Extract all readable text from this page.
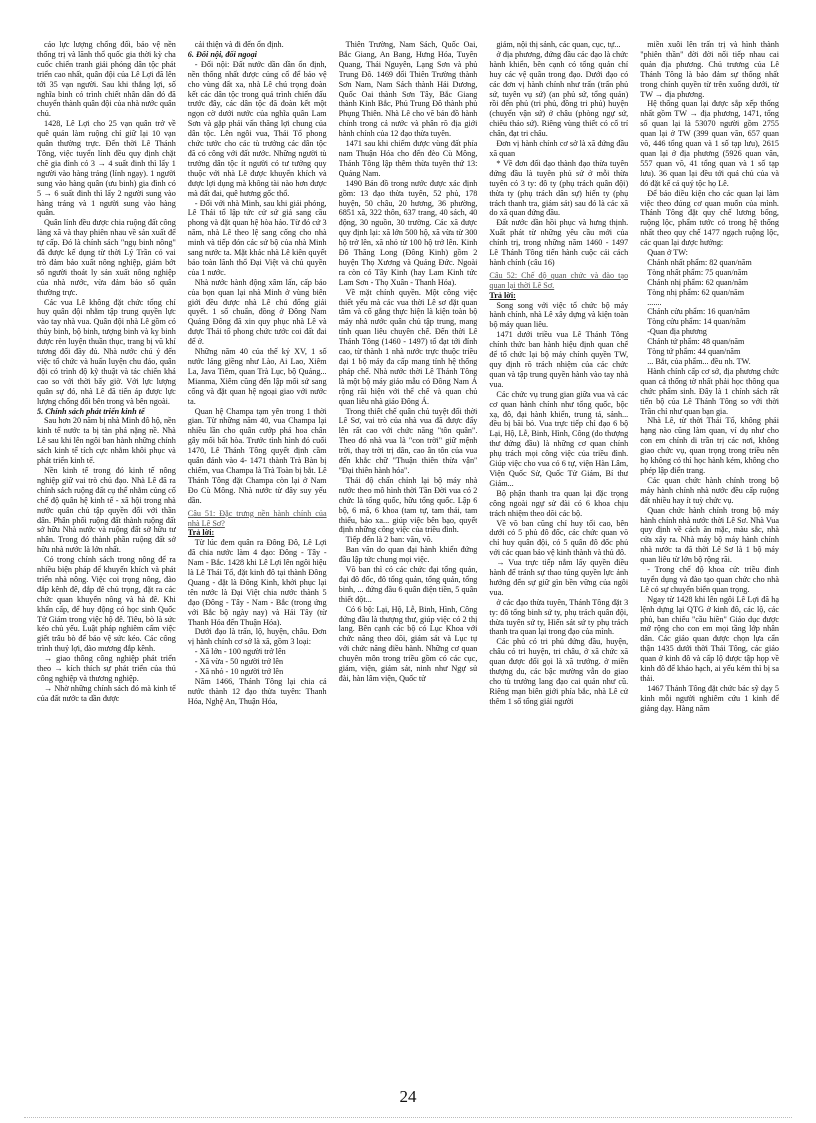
cáo lực lượng chống đối, bảo vệ nền thống trị và lãnh thổ quốc gia thời kỳ cha cuốc chiến tranh giải phóng dân tộc phát triển cao nhất, quân đội của Lê Lợi đã lên tới 35 vạn người. Sau khi thắng lợi, số nghĩa binh có trình chiết nhân dân đó đã chuyển thành quân đội của nhà nước quân chủ.

1428, Lê Lợi cho 25 vạn quân trở về quê quán làm ruộng chỉ giữ lại 10 vạn quân thường trực. Đến thời Lê Thánh Tông, việc tuyển lính đều quy định chặt chẽ gia đình có 3 → 4 suất đinh thì lấy 1 người vào hàng tráng (lính ngạy). 1 người sung vào hàng quân (ưu binh) gia đình có 5 → 6 suất đinh thì lấy 2 người sung vào hàng tráng và 1 người sung vào hàng quân.

Quân lính đều được chia ruộng đất công làng xã và thay phiên nhau về sản xuất để tự cấp. Đó là chính sách "ngụ binh nông" đã được kế dụng từ thời Lý Trần có vai trò đảm bảo xuất nông nghiệp, giảm bớt số người thoát ly sản xuất nông nghiệp của nhà nước, vừa đảm bảo số quân thường trực.

Các vua Lê không đặt chức tổng chỉ huy quân đội nhằm tập trung quyền lực vào tay nhà vua. Quân đội nhà Lê gồm có thủy binh, bộ binh, tượng binh và kỵ binh được rèn luyện thuần thục, trang bị vũ khí tương đối đầy đủ. Nhà nước chú ý đến việc tổ chức và huấn luyện chu đáo, quân đội có trình độ kỹ thuật và tác chiến khá cao so với thời bấy giờ. Với lực lượng quân sự đó, nhà Lê đã tiến áp được lực lượng chống đối bên trong và bên ngoài.

5. Chính sách phát triển kinh tế

Sau hơn 20 năm bị nhà Minh đô hộ, nền kinh tế nước ta bị tàn phá nặng nề. Nhà Lê sau khi lên ngôi ban hành những chính sách kinh tế tích cực nhằm khôi phục và phát triển kinh tế.

Nền kinh tế trong đó kinh tế nông nghiệp giữ vai trò chủ đạo. Nhà Lê đã ra chính sách ruộng đất cụ thể nhằm củng cố chế độ quân hệ kinh tế - xã hội trong nhà nước quân chủ tập quyền đối với thần dân. Phân phối ruộng đất thành ruộng đất sở hữu Nhà nước và ruộng đất sở hữu tư nhân. Trong đó thành phần ruộng đất sở hữu nhà nước là lớn nhất.

Có trong chính sách trong nông để ra nhiều biện pháp để khuyến khích và phát triển nhà nông. Việc coi trọng nông, đào đắp kênh đê, đắp đê chủ trọng, đặt ra các chức quan khuyến nông và hà đê. Khi khẩn cấp, để huy động có học sinh Quốc Tử Giám trong việc hộ đê. Tiêu, bò là sức kéo chủ yếu. Luật pháp nghiêm cấm việc giết trâu bò để bảo vệ sức kéo. Các công trình thuỷ lợi, đào mương đắp kênh.

→ giao thông công nghiệp phát triển theo → kích thích sự phát triển của thủ công nghiệp và thương nghiệp.

→ Nhờ những chính sách đó mà kinh tế của đất nước ta dần được

cải thiện và đi đến ổn định.

6. Đối nội, đối ngoại

- Đối nội: Đất nước dần dần ổn định, nền thống nhất được củng cố để bảo vệ cho vùng đất xa, nhà Lê chú trọng đoàn kết các dân tộc trong quá trình chiến đấu trước đây, các dân tộc đã đoàn kết một ngọn cờ dưới nước của nghĩa quân Lam Sơn và gặp phải vấn thăng lợi chung của dân tộc. Lên ngôi vua, Thái Tổ phong chức tước cho các tù trưởng các dân tộc đã có công với đất nước. Những người tù trưởng dân tộc ít người có tư tưởng quy thuộc với nhà Lê được khuyến khích và được lợi dụng mà không tài nào hơn được mà đất đai, quê hương gốc thổ.

- Đối với nhà Minh, sau khi giải phóng, Lê Thái tổ lập tức cử sứ giả sang cầu phong và đặt quan hệ hòa hảo. Từ đó cứ 3 năm, nhà Lê theo lệ sang cống cho nhà minh và tiếp đón các sứ bộ của nhà Minh sang nước ta. Mặt khác nhà Lê kiên quyết bảo toàn lãnh thổ Đại Việt và chủ quyền của 1 nước.

Nhà nước hành động xâm lấn, cấp bảo của bọn quan lại nhà Minh ở vùng biên giới đều được nhà Lê chú đổng giải quyết. 1 số chuẩn, đồng ở Đông Nam Quảng Đông đã xin quy phục nhà Lê và được Thái tổ phong chức tước coi đất đai để ở.

Những năm 40 của thế kỷ XV, 1 số nước láng giềng như Lào, Ai Lao, Xiêm La, Java Tiêm, quan Trà Lục, bộ Quảng... Mianma, Xiêm cũng đến lập mối sứ sang cống và đặt quan hệ ngoại giao với nước ta.

Quan hệ Champa tạm yên trong 1 thời gian. Từ những năm 40, vua Champa lại nhiều lần cho quân cướp phá hoa chân gây mối bất hòa. Trước tình hình đó cuối 1470, Lê Thánh Tông quyết định cầm quân đánh vào 4- 1471 thành Trà Bàn bị chiếm, vua Champa là Trà Toàn bị bắt. Lê Thánh Tông đặt Champa còn lại ở Nam Đo Cù Mông. Nhà nước từ đây suy yếu dần.

Câu 51: Đặc trưng nền hành chính của nhà Lê Sơ?

Trả lời:

Từ lúc đem quân ra Đông Đô, Lê Lợi đã chia nước làm 4 đạo: Đông - Tây - Nam - Bắc. 1428 khi Lê Lợi lên ngôi hiệu là Lê Thái Tổ, đặt kinh đô tại thành Đông Quang - đặt là Đông Kinh, khởi phục lại tên nước là Đại Việt chia nước thành 5 đạo (Đông - Tây - Nam - Bắc (trong ứng với Bắc bộ ngày nay) và Hải Tây (từ Thanh Hóa đến Thuận Hóa).

Dưới đạo là trấn, lộ, huyện, châu. Đơn vị hành chính cơ sở là xã, gồm 3 loại:

- Xã lớn - 100 người trở lên

- Xã vừa - 50 người trở lên

- Xã nhỏ - 10 người trở lên

Năm 1466, Thánh Tông lại chia cả nước thành 12 đạo thừa tuyên: Thanh Hóa, Nghệ An, Thuận Hóa,

Thiên Trường, Nam Sách, Quốc Oai, Bắc Giang, An Bang, Hưng Hóa, Tuyên Quang, Thái Nguyên, Lạng Sơn và phủ Trung Đô. 1469 đổi Thiên Trường thành Sơn Nam, Nam Sách thành Hải Dương, Quốc Oai thành Sơn Tây, Bắc Giang thành Kinh Bắc, Phủ Trung Đô thành phủ Phụng Thiên. Nhà Lê cho vẽ bản đồ hành chính trong cả nước và phân rõ địa giới hành chính của 12 đạo thừa tuyên.

1471 sau khi chiếm được vùng đất phía nam Thuận Hóa cho đến đèo Cù Mông, Thánh Tông lập thêm thừa tuyên thứ 13: Quảng Nam.

1490 Bản đồ trong nước được xác định gồm: 13 đạo thừa tuyên, 52 phủ, 178 huyện, 50 châu, 20 hương, 36 phường, 6851 xã, 322 thôn, 637 trang, 40 sách, 40 động, 30 nguồn, 30 trường. Các xã được quy định lại: xã lớn 500 hộ, xã vừa từ 300 hộ trở lên, xã nhỏ từ 100 hộ trở lên. Kinh Đô Thăng Long (Đông Kinh) gồm 2 huyện Thọ Xương và Quảng Đức. Ngoài ra còn có Tây Kinh (hay Lam Kinh tức Lam Sơn - Thọ Xuân - Thanh Hóa).

Về mặt chính quyền. Một công việc thiết yếu mà các vua thời Lê sơ đặt quan tâm và cố gắng thực hiện là kiện toàn bộ máy nhà nước quân chủ tập trung, mang tính quan liêu chuyên chế. Đến thời Lê Thánh Tông (1460 - 1497) tổ đạt tới đỉnh cao, từ thành 1 nhà nước trực thuộc triều đại 1 bộ máy đa cấp mang tính hệ thống pháp chế. Nhà nước thời Lê Thánh Tông là một bộ máy giáo mẫu có Đông Nam Á rộng rãi hiện với thể chế và quan chủ quan liêu nhà giáo Đông Á.

Trong thiết chế quân chủ tuyệt đối thời Lê Sơ, vai trò của nhà vua đã được đẩy lên rất cao với chức năng "tôn quân". Theo đó nhà vua là "con trời" giữ mệnh trời, thay trời trị dân, cao ân tôn của vua đến khắc chữ "Thuận thiên thừa vận" "Đại thiên hành hóa".

Thái độ chấn chỉnh lại bộ máy nhà nước theo mô hình thời Tần Đời vua có 2 chức là tổng quốc, hữu tổng quốc. Lập 6 bộ, 6 mã, 6 khoa (tam tự, tam thái, tam thiếu, bảo xa... giúp việc bên bạo, quyết định những công việc của triều đình.

Tiếp đến là 2 ban: văn, võ.

Ban văn do quan đại hành khiển đứng đầu lập tức chung mọi việc.

Võ ban thì có các chức đại tổng quản, đại đô đốc, đô tổng quản, tổng quản, tổng binh, ... đứng đầu 6 quân điện tiền, 5 quân thiết đột...

Có 6 bộ: Lại, Hộ, Lễ, Binh, Hình, Công đứng đầu là thượng thư, giúp việc có 2 thị lang. Bên cạnh các bộ có Lục Khoa với chức năng theo dõi, giám sát và Lục tự với chức năng điều hành. Những cơ quan chuyên môn trong triều gồm có các cục, giám, viện, giám sát, ninh như Ngự sử đài, hàn lâm viện, Quốc tử

giám, nội thị sảnh, các quan, cục, tự...

ở địa phương, đứng đầu các đạo là chức hành khiển, bên cạnh có tổng quản chỉ huy các vệ quân trong đạo. Dưới đạo có các đơn vị hành chính như trấn (trấn phủ sứ, tuyên vụ sứ) (an phủ sứ, tổng quản) rồi đến phủ (tri phủ, đồng tri phủ) huyện (chuyển vận sứ) ở châu (phòng ngự sứ, chiêu thảo sứ). Riêng vùng thiết có cố trí chân, đạt tri châu.

Đơn vị hành chính cơ sở là xã đứng đầu xã quan

* Về đơn đối đạo thành đạo thừa tuyên đứng đầu là tuyên phủ sứ ở mỗi thừa tuyên có 3 ty: đô ty (phụ trách quân đội) thừa ty (phụ trách dân sự) hiến ty (phụ trách thanh tra, giám sát) sau đó là các xã do xã quan đứng đầu.

Đất nước dần hồi phục và hưng thịnh. Xuất phát từ những yêu cầu mới của chính trị, trong những năm 1460 - 1497 Lê Thánh Tông tiến hành cuộc cải cách hành chính (câu 16)

Câu 52: Chế độ quan chức và đào tạo quan lại thời Lê Sơ.

Trả lời:

Song song với việc tổ chức bộ máy hành chính, nhà Lê xây dựng và kiện toàn bộ máy quan liêu.

1471 dưới triều vua Lê Thánh Tông chính thức ban hành hiệu định quan chế để tổ chức lại bộ máy chính quyền TW, quy định rõ trách nhiệm của các chức quan và tập trung quyền hành vào tay nhà vua.

Các chức vụ trung gian giữa vua và các cơ quan hành chính như tổng quốc, bộc xạ, đô, đại hành khiển, trung tá, sảnh... đều bị bãi bỏ. Vua trực tiếp chỉ đạo 6 bộ Lại, Hộ, Lễ, Binh, Hình, Công (do thượng thư đứng đầu) là những cơ quan chính phụ trách mọi công việc của triều đình. Giúp việc cho vua có 6 tự, viện Hàn Lâm, Viện Quốc Sử, Quốc Tử Giám, Bí thư Giám...

Bộ phận thanh tra quan lại đặc trọng công ngoài ngự sử đài có 6 khoa chịu trách nhiệm theo dõi các bộ.

Về võ ban cũng chỉ huy tối cao, bên dưới có 5 phủ đô đốc, các chức quan võ chỉ huy quân đội, có 5 quân đô đốc phủ với các quan bảo vệ kinh thành và thủ đô.

→ Vua trực tiếp nắm lấy quyền điều hành để tránh sự thao túng quyền lực ảnh hưởng đến sự giữ gìn bền vững của ngôi vua.

ở các đạo thừa tuyên, Thánh Tông đặt 3 ty: đô tổng binh sứ ty, phụ trách quân đội, thừa tuyên sứ ty, Hiến sát sứ ty phụ trách thanh tra quan lại trong đạo của mình.

Các phủ có tri phủ đứng đầu, huyện, châu có tri huyện, tri châu, ở xã chức xã quan được đổi gọi là xã trưởng. ở miền thượng du, các bậc mường vẫn do giao cho tù trưởng lang đạo cai quản như cũ. Riêng mạn biên giới phía bắc, nhà Lê cử thêm 1 số tổng giải người

miền xuôi lên trấn trị và hình thành "phiên thần" đời đời nối tiếp nhau cai quản địa phương. Chủ trương của Lê Thánh Tông là bảo đảm sự thống nhất trong chính quyền từ trên xuống dưới, từ TW → địa phương.

Hệ thống quan lại được sắp xếp thống nhất gồm TW → địa phương, 1471, tổng số quan lại là 53070 người gồm 2755 quan lại ở TW (399 quan văn, 657 quan võ, 446 tổng quan và 1 số tạp lưu), 2615 quan lại ở địa phương (5926 quan văn, 557 quan võ, 41 tổng quan và 1 số tạp lưu). 36 quan lại đều tới quá chủ của và đó đặt kế cả quý tộc họ Lê.

Để bảo điều kiện cho các quan lại làm việc theo đúng cơ quan muốn của mình. Thánh Tông đặt quy chế lương bổng, ruộng lộc, phẩm tước có trong hệ thống nhất theo quy chế 1477 ngạch ruộng lộc, các quan lại được hưởng:

Quan ở TW:

Chánh nhất phẩm: 82 quan/năm

Tòng nhất phẩm: 75 quan/năm

Chánh nhị phẩm: 62 quan/năm

Tòng nhị phẩm: 62 quan/năm

.......

Chánh cửu phẩm: 16 quan/năm

Tòng cửu phẩm: 14 quan/năm

-Quan địa phương

Chánh tứ phẩm: 48 quan/năm

Tòng tứ phẩm: 44 quan/năm

... Bắt, của phẩm... đều nh. TW.

Hành chính cấp cơ sở, địa phương chức quan cả thống tờ nhất phải học thông qua chức phẩm sinh. Đây là 1 chính sách rất tiến bộ của Lê Thánh Tông so với thời Trần chỉ như quan bạn gia.

Nhà Lê, từ thời Thái Tổ, không phải hạng nào cũng làm quan, ví dụ như cho con em chính di trần trị các nơi, không giao chức vụ, quan trọng trong triều nên họ không có thì học hành kém, không cho phép lập điển trang.

Các quan chức hành chính trong bộ máy hành chính nhà nước đều cấp ruộng đất nhiều hay ít tuỳ chức vụ.

Quan chức hành chính trong bộ máy hành chính nhà nước thời Lê Sơ. Nhà Vua quy định về cách ăn mặc, màu sắc, nhà cửa xây ra. Nhà máy bộ máy hành chính nhà nước ta đã thời Lê Sơ là 1 bộ máy quan liêu từ lớn bộ rộng rãi.

- Trong chế độ khoa cử: triều đình tuyển dụng và đào tạo quan chức cho nhà Lê có sự chuyển biến quan trọng.

Ngay từ 1428 khi lên ngôi Lê Lợi đã hạ lệnh dựng lại QTG ở kinh đô, các lộ, các phủ, ban chiếu "cầu hiền" Giáo dục được mở rộng cho con em mọi tầng lớp nhân dân. Các giáo quan được chọn lựa cẩn thận 1435 dưới thời Thái Tông, các giáo quan ở kinh đô và cấp lộ được tập họp về kinh đô để khảo hạch, ai yếu kém thì bị sa thải.

1467 Thánh Tông đặt chức bác sỹ dạy 5 kinh mỗi người nghiêm cứu 1 kinh để giảng dạy. Hàng năm

24
